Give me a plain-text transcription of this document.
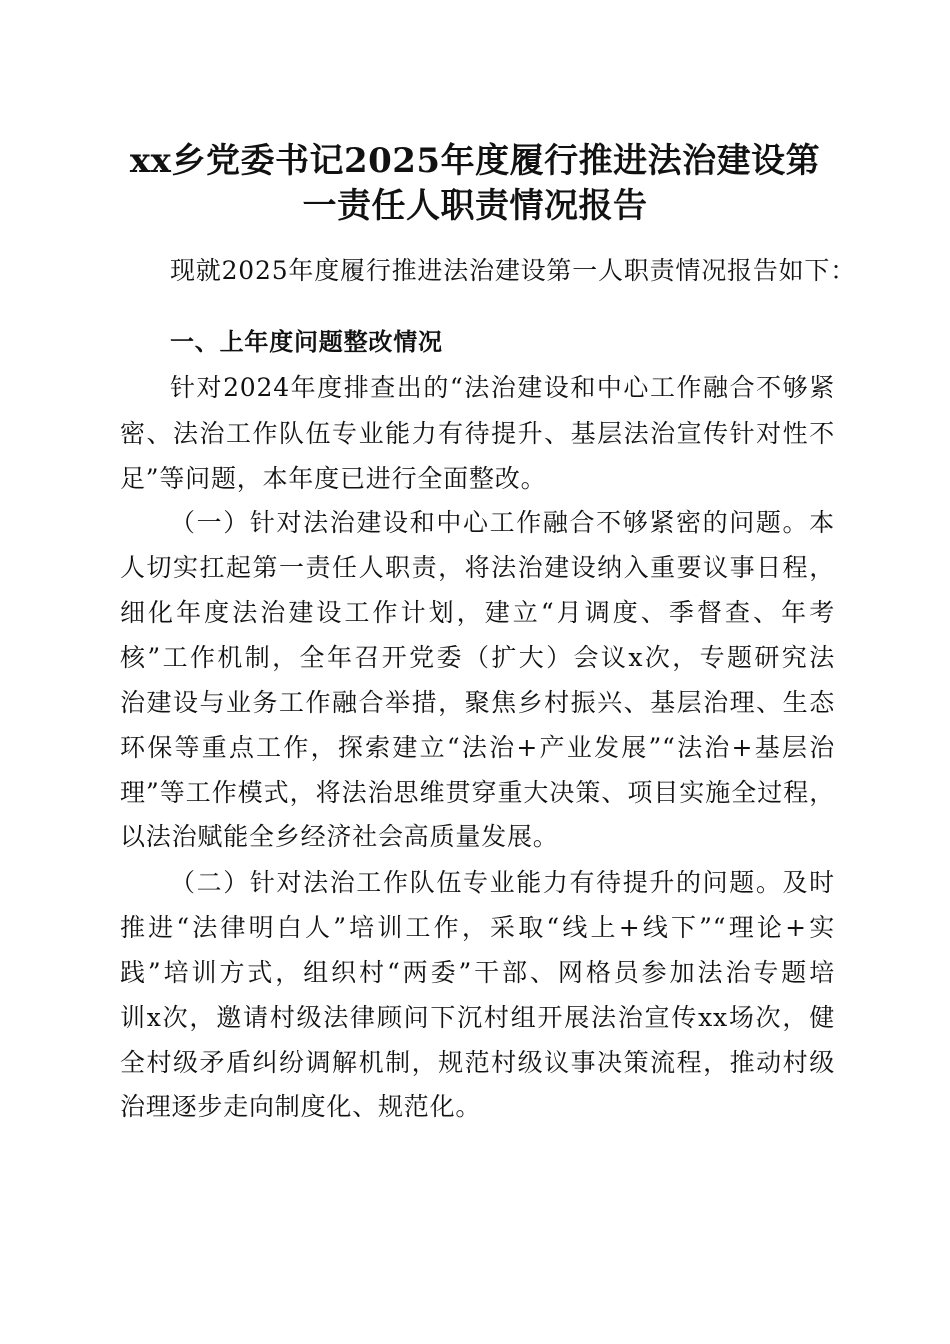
xx乡党委书记2025年度履行推进法治建设第
一责任人职责情况报告
现就2025年度履行推进法治建设第一人职责情况报告如下：
一、上年度问题整改情况
针对2024年度排查出的“法治建设和中心工作融合不够紧
密、法治工作队伍专业能力有待提升、基层法治宣传针对性不
足”等问题，本年度已进行全面整改。
（一）针对法治建设和中心工作融合不够紧密的问题。本
人切实扛起第一责任人职责，将法治建设纳入重要议事日程，
细化年度法治建设工作计划，建立“月调度、季督查、年考
核”工作机制，全年召开党委（扩大）会议x次，专题研究法
治建设与业务工作融合举措，聚焦乡村振兴、基层治理、生态
环保等重点工作，探索建立“法治+产业发展”“法治+基层治
理”等工作模式，将法治思维贯穿重大决策、项目实施全过程，
以法治赋能全乡经济社会高质量发展。
（二）针对法治工作队伍专业能力有待提升的问题。及时
推进“法律明白人”培训工作，采取“线上+线下”“理论+实
践”培训方式，组织村“两委”干部、网格员参加法治专题培
训x次，邀请村级法律顾问下沉村组开展法治宣传xx场次，健
全村级矛盾纠纷调解机制，规范村级议事决策流程，推动村级
治理逐步走向制度化、规范化。
